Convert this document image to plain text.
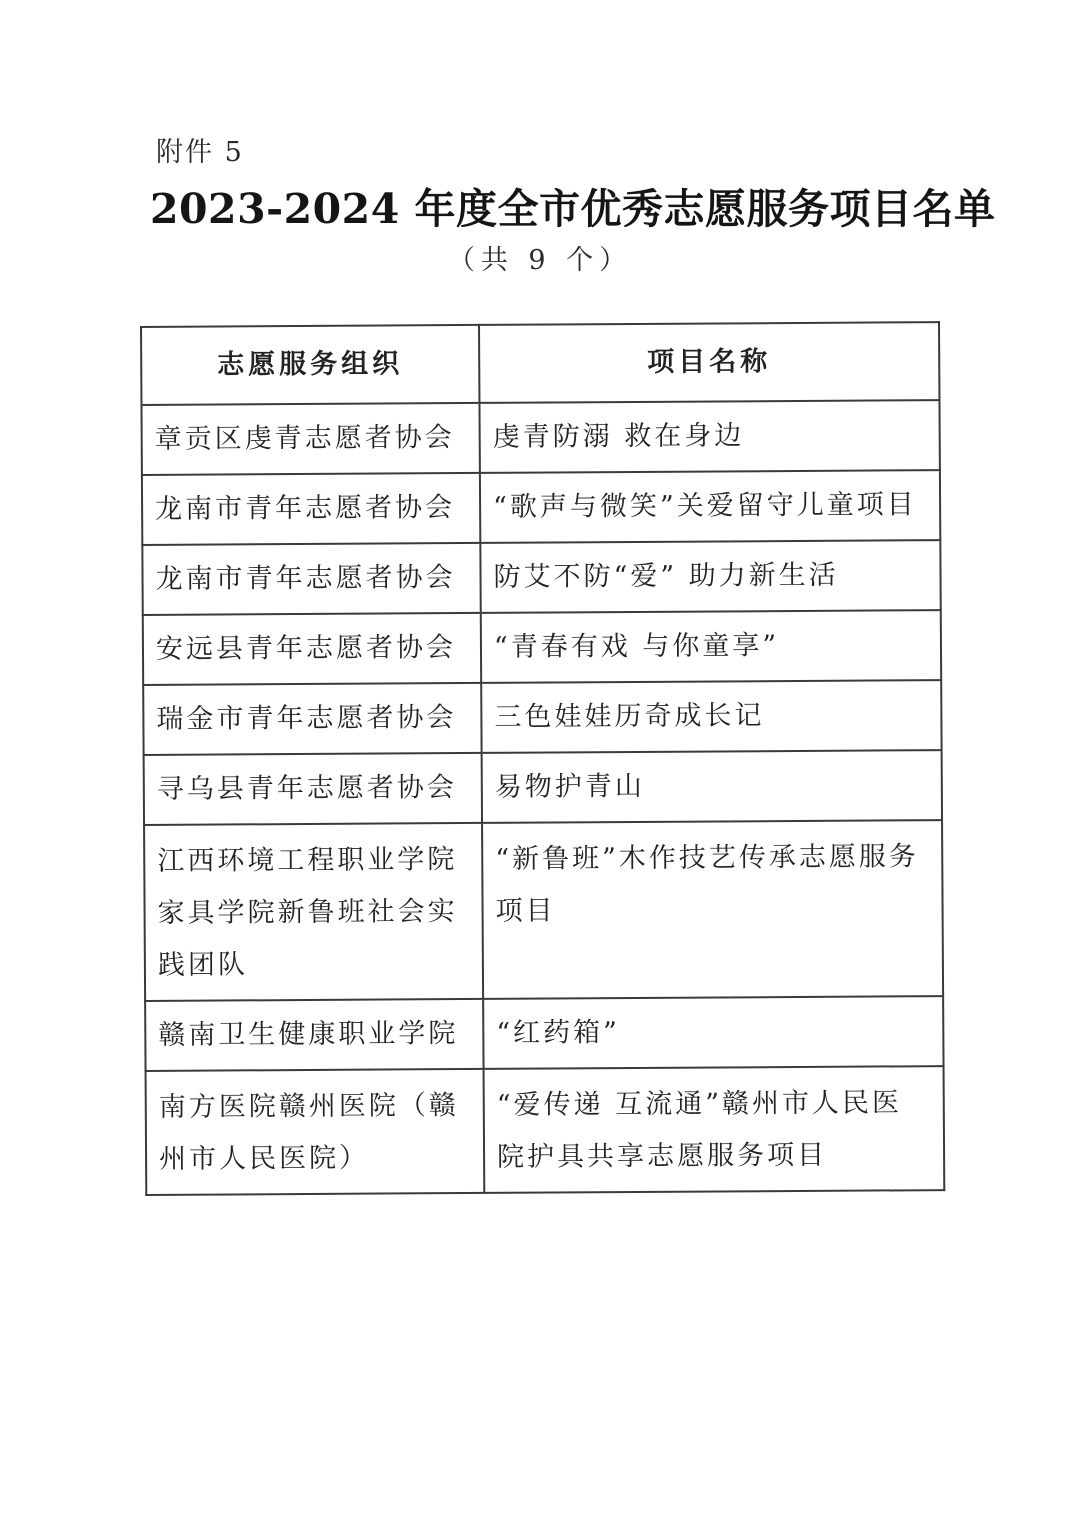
附件 5
2023-2024 年度全市优秀志愿服务项目名单
（共 9 个）
志愿服务组织	项目名称
章贡区虔青志愿者协会	虔青防溺 救在身边
龙南市青年志愿者协会	“歌声与微笑”关爱留守儿童项目
龙南市青年志愿者协会	防艾不防“爱” 助力新生活
安远县青年志愿者协会	“青春有戏 与你童享”
瑞金市青年志愿者协会	三色娃娃历奇成长记
寻乌县青年志愿者协会	易物护青山
江西环境工程职业学院家具学院新鲁班社会实践团队	“新鲁班”木作技艺传承志愿服务项目
赣南卫生健康职业学院	“红药箱”
南方医院赣州医院（赣州市人民医院）	“爱传递 互流通”赣州市人民医院护具共享志愿服务项目
